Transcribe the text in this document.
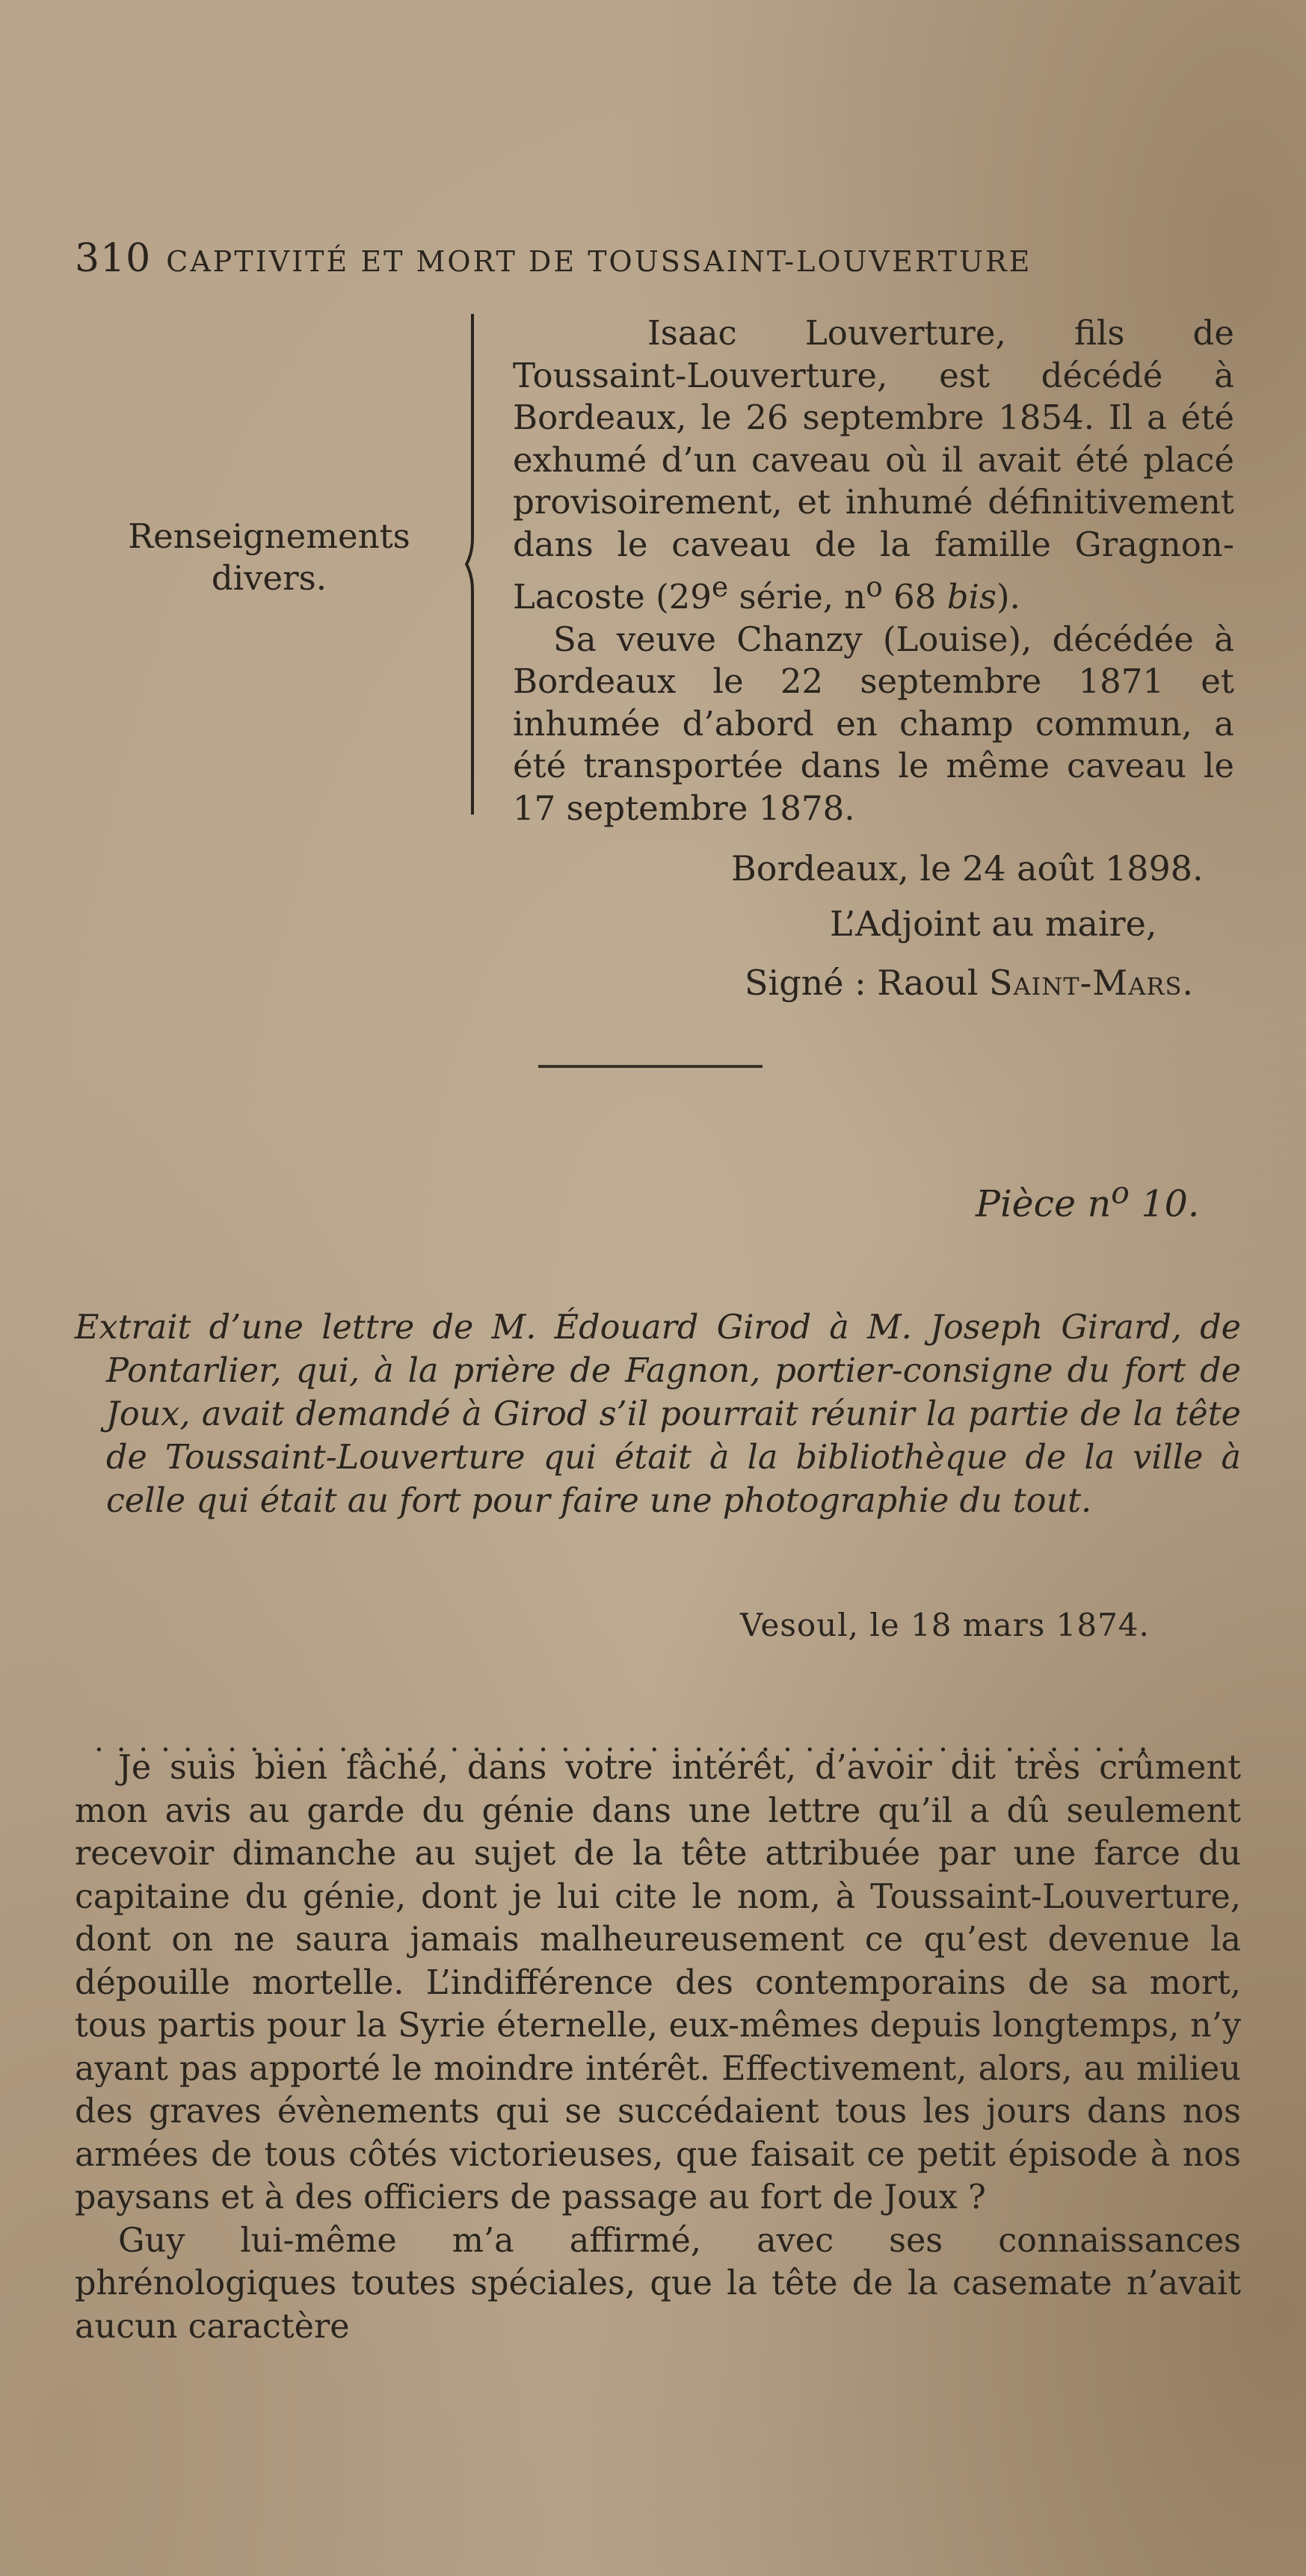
310 CAPTIVITÉ ET MORT DE TOUSSAINT-LOUVERTURE
Renseignements
divers.

Isaac Louverture, fils de Toussaint-Louverture, est décédé à Bordeaux, le 26 septembre 1854. Il a été exhumé d’un caveau où il avait été placé provisoirement, et inhumé définitivement dans le caveau de la famille Gragnon-Lacoste (29e série, $n^o$ 68 bis).

Sa veuve Chanzy (Louise), décédée à Bordeaux le 22 septembre 1871 et inhumée d’abord en champ commun, a été transportée dans le même caveau le 17 septembre 1878.

Bordeaux, le 24 août 1898.
L’Adjoint au maire,
Signé : Raoul Saint-Mars.
Pièce $n^o$ 10.

Extrait d’une lettre de M. Édouard Girod à M. Joseph Girard, de Pontarlier, qui, à la prière de Fagnon, portier-consigne du fort de Joux, avait demandé à Girod s’il pourrait réunir la partie de la tête de Toussaint-Louverture qui était à la bibliothèque de la ville à celle qui était au fort pour faire une photographie du tout.

Vesoul, le 18 mars 1874.
................................................

Je suis bien fâché, dans votre intérêt, d’avoir dit très crûment mon avis au garde du génie dans une lettre qu’il a dû seulement recevoir dimanche au sujet de la tête attribuée par une farce du capitaine du génie, dont je lui cite le nom, à Toussaint-Louverture, dont on ne saura jamais malheureusement ce qu’est devenue la dépouille mortelle. L’indifférence des contemporains de sa mort, tous partis pour la Syrie éternelle, eux-mêmes depuis longtemps, n’y ayant pas apporté le moindre intérêt. Effectivement, alors, au milieu des graves évènements qui se succédaient tous les jours dans nos armées de tous côtés victorieuses, que faisait ce petit épisode à nos paysans et à des officiers de passage au fort de Joux ?

Guy lui-même m’a affirmé, avec ses connaissances phrénologiques toutes spéciales, que la tête de la casemate n’avait aucun caractère
